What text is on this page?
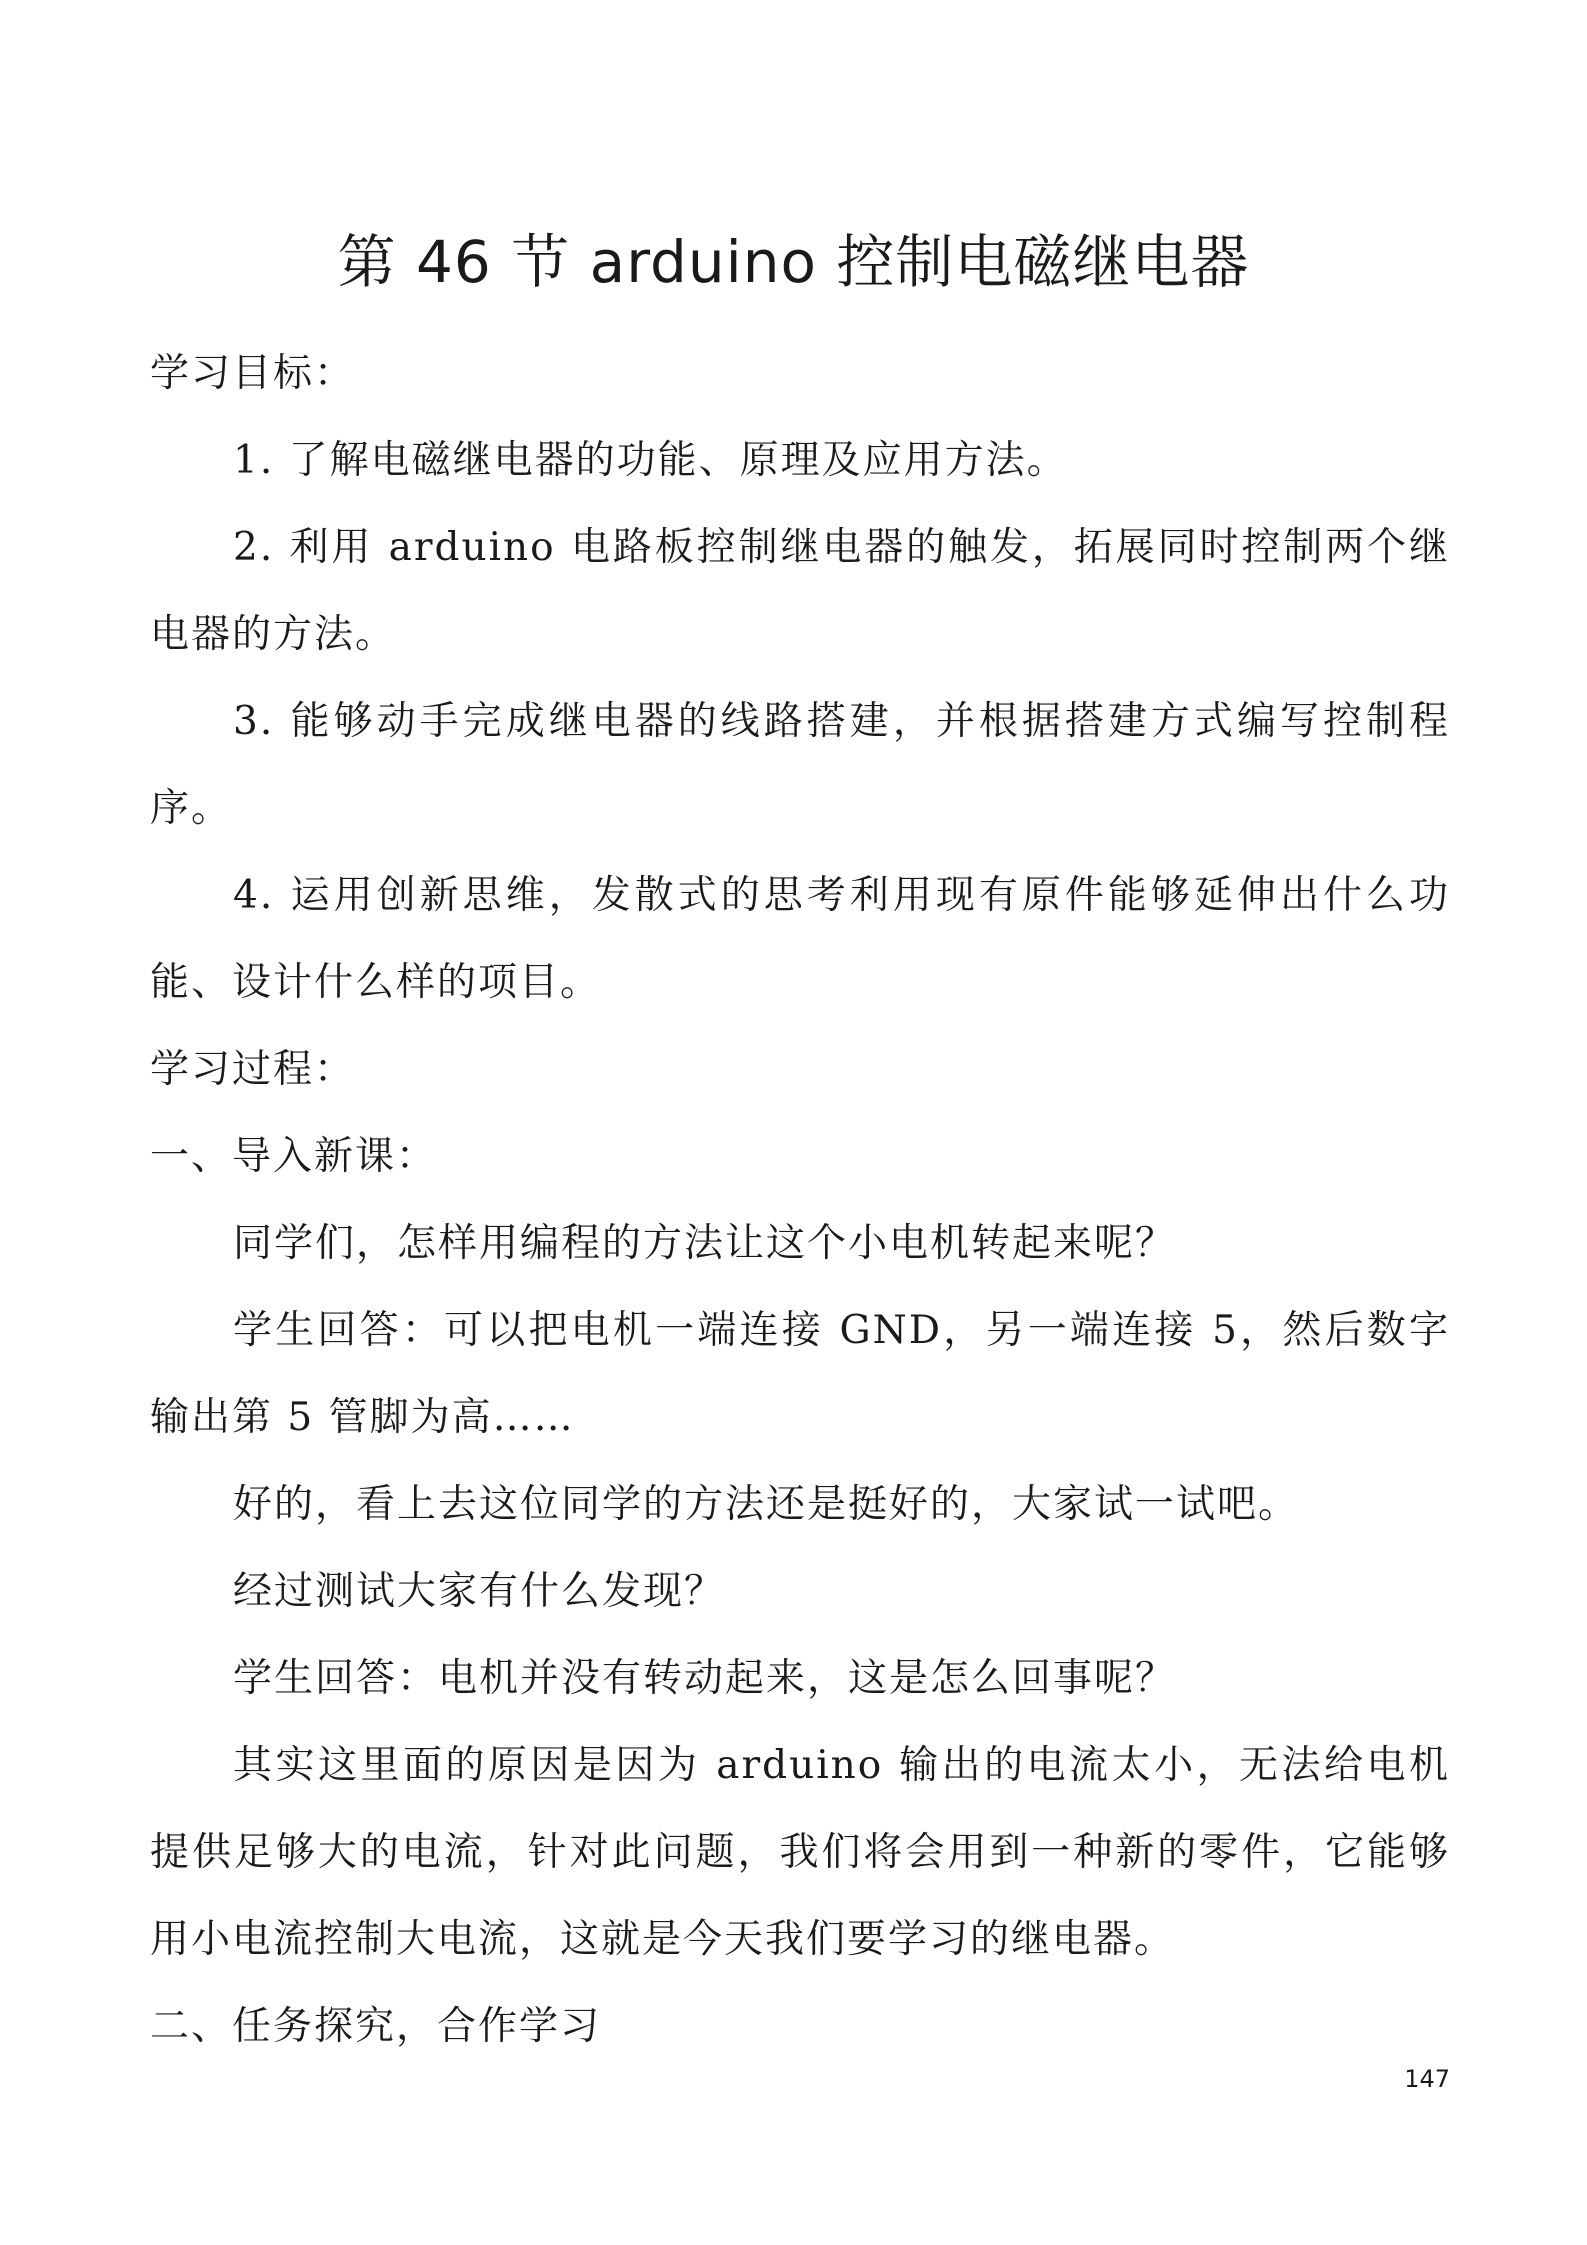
第 46 节 arduino 控制电磁继电器

学习目标：

1. 了解电磁继电器的功能、原理及应用方法。

2. 利用 arduino 电路板控制继电器的触发，拓展同时控制两个继电器的方法。

3. 能够动手完成继电器的线路搭建，并根据搭建方式编写控制程序。

4. 运用创新思维，发散式的思考利用现有原件能够延伸出什么功能、设计什么样的项目。

学习过程：

一、导入新课：

同学们，怎样用编程的方法让这个小电机转起来呢？

学生回答：可以把电机一端连接 GND，另一端连接 5，然后数字输出第 5 管脚为高……

好的，看上去这位同学的方法还是挺好的，大家试一试吧。

经过测试大家有什么发现？

学生回答：电机并没有转动起来，这是怎么回事呢？

其实这里面的原因是因为 arduino 输出的电流太小，无法给电机提供足够大的电流，针对此问题，我们将会用到一种新的零件，它能够用小电流控制大电流，这就是今天我们要学习的继电器。

二、任务探究，合作学习

147
